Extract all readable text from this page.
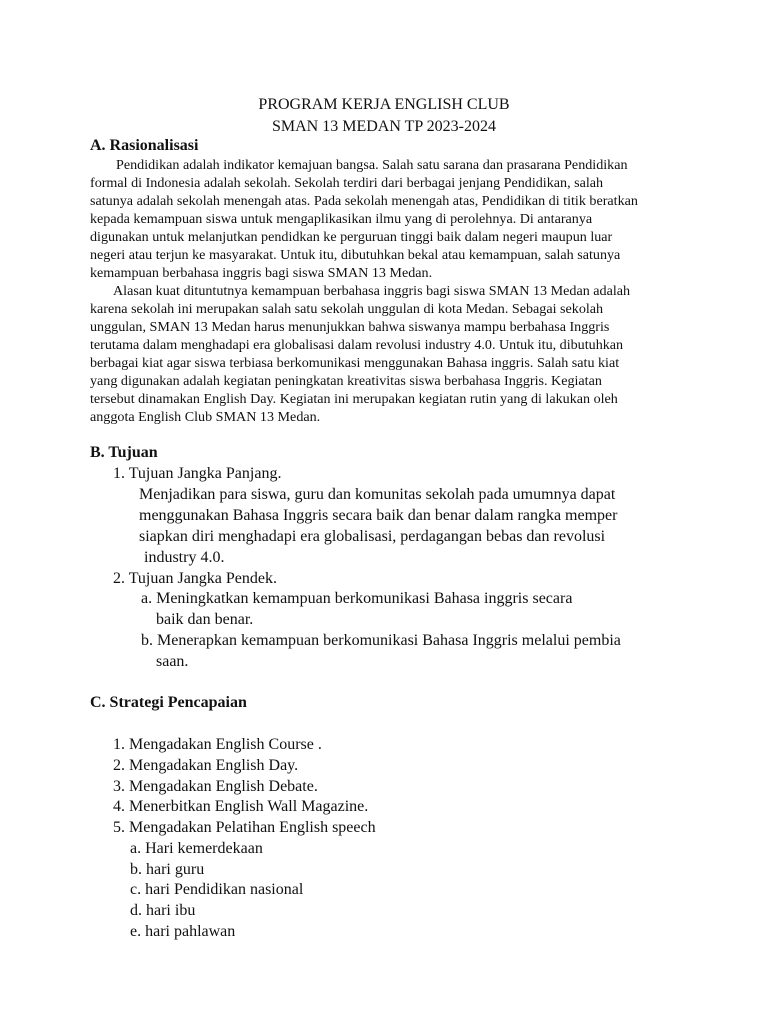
PROGRAM KERJA ENGLISH CLUB
SMAN 13 MEDAN TP 2023-2024
A. Rasionalisasi
Pendidikan adalah indikator kemajuan bangsa. Salah satu sarana dan prasarana Pendidikan
formal di Indonesia adalah sekolah. Sekolah terdiri dari berbagai jenjang Pendidikan, salah
satunya adalah sekolah menengah atas. Pada sekolah menengah atas, Pendidikan di titik beratkan
kepada kemampuan siswa untuk mengaplikasikan ilmu yang di perolehnya. Di antaranya
digunakan untuk melanjutkan pendidkan ke perguruan tinggi baik dalam negeri maupun luar
negeri atau terjun ke masyarakat. Untuk itu, dibutuhkan bekal atau kemampuan, salah satunya
kemampuan berbahasa inggris bagi siswa SMAN 13 Medan.
Alasan kuat dituntutnya kemampuan berbahasa inggris bagi siswa SMAN 13 Medan adalah
karena sekolah ini merupakan salah satu sekolah unggulan di kota Medan. Sebagai sekolah
unggulan, SMAN 13 Medan harus menunjukkan bahwa siswanya mampu berbahasa Inggris
terutama dalam menghadapi era globalisasi dalam revolusi industry 4.0. Untuk itu, dibutuhkan
berbagai kiat agar siswa terbiasa berkomunikasi menggunakan Bahasa inggris. Salah satu kiat
yang digunakan adalah kegiatan peningkatan kreativitas siswa berbahasa Inggris. Kegiatan
tersebut dinamakan English Day. Kegiatan ini merupakan kegiatan rutin yang di lakukan oleh
anggota English Club SMAN 13 Medan.
B. Tujuan
1. Tujuan Jangka Panjang.
Menjadikan para siswa, guru dan komunitas sekolah pada umumnya dapat
menggunakan Bahasa Inggris secara baik dan benar dalam rangka memper
siapkan diri menghadapi era globalisasi, perdagangan bebas dan revolusi
industry 4.0.
2. Tujuan Jangka Pendek.
a. Meningkatkan kemampuan berkomunikasi Bahasa inggris secara
baik dan benar.
b. Menerapkan kemampuan berkomunikasi Bahasa Inggris melalui pembia
saan.
C. Strategi Pencapaian
1. Mengadakan English Course .
2. Mengadakan English Day.
3. Mengadakan English Debate.
4. Menerbitkan English Wall Magazine.
5. Mengadakan Pelatihan English speech
a. Hari kemerdekaan
b. hari guru
c. hari Pendidikan nasional
d. hari ibu
e. hari pahlawan
